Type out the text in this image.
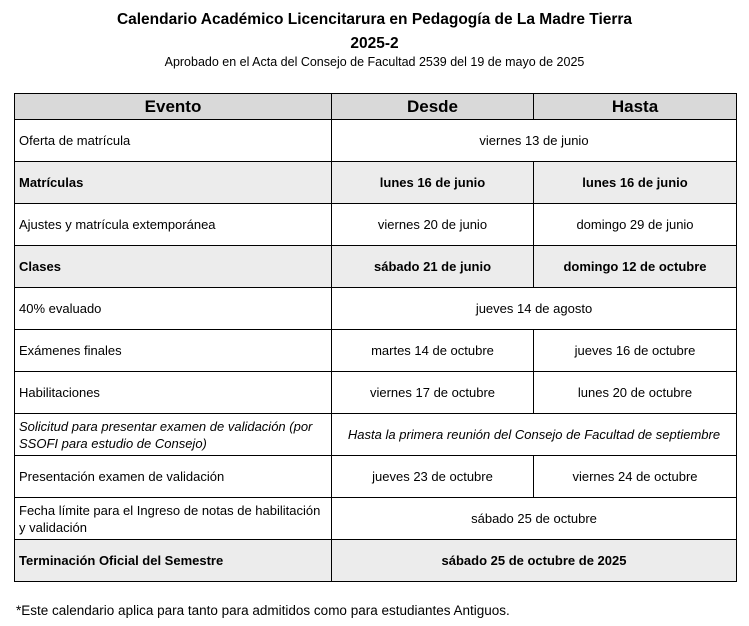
Calendario Académico Licencitarura en Pedagogía de La Madre Tierra
2025-2
Aprobado en el Acta del Consejo de Facultad 2539 del 19 de mayo de 2025
Evento	Desde	Hasta
Oferta de matrícula	viernes 13 de junio	
Matrículas	lunes 16 de junio	lunes 16 de junio
Ajustes y matrícula extemporánea	viernes 20 de junio	domingo 29 de junio
Clases	sábado 21 de junio	domingo 12 de octubre
40% evaluado	jueves 14 de agosto	
Exámenes finales	martes 14 de octubre	jueves 16 de octubre
Habilitaciones	viernes 17 de octubre	lunes 20 de octubre
Solicitud para presentar examen de validación (por SSOFI para estudio de Consejo)	Hasta la primera reunión del Consejo de Facultad de septiembre	
Presentación examen de validación	jueves 23 de octubre	viernes 24 de octubre
Fecha límite para el Ingreso de notas de habilitación y validación	sábado 25 de octubre	
Terminación Oficial del Semestre	sábado 25 de octubre de 2025	
*Este calendario aplica para tanto para admitidos como para estudiantes Antiguos.
